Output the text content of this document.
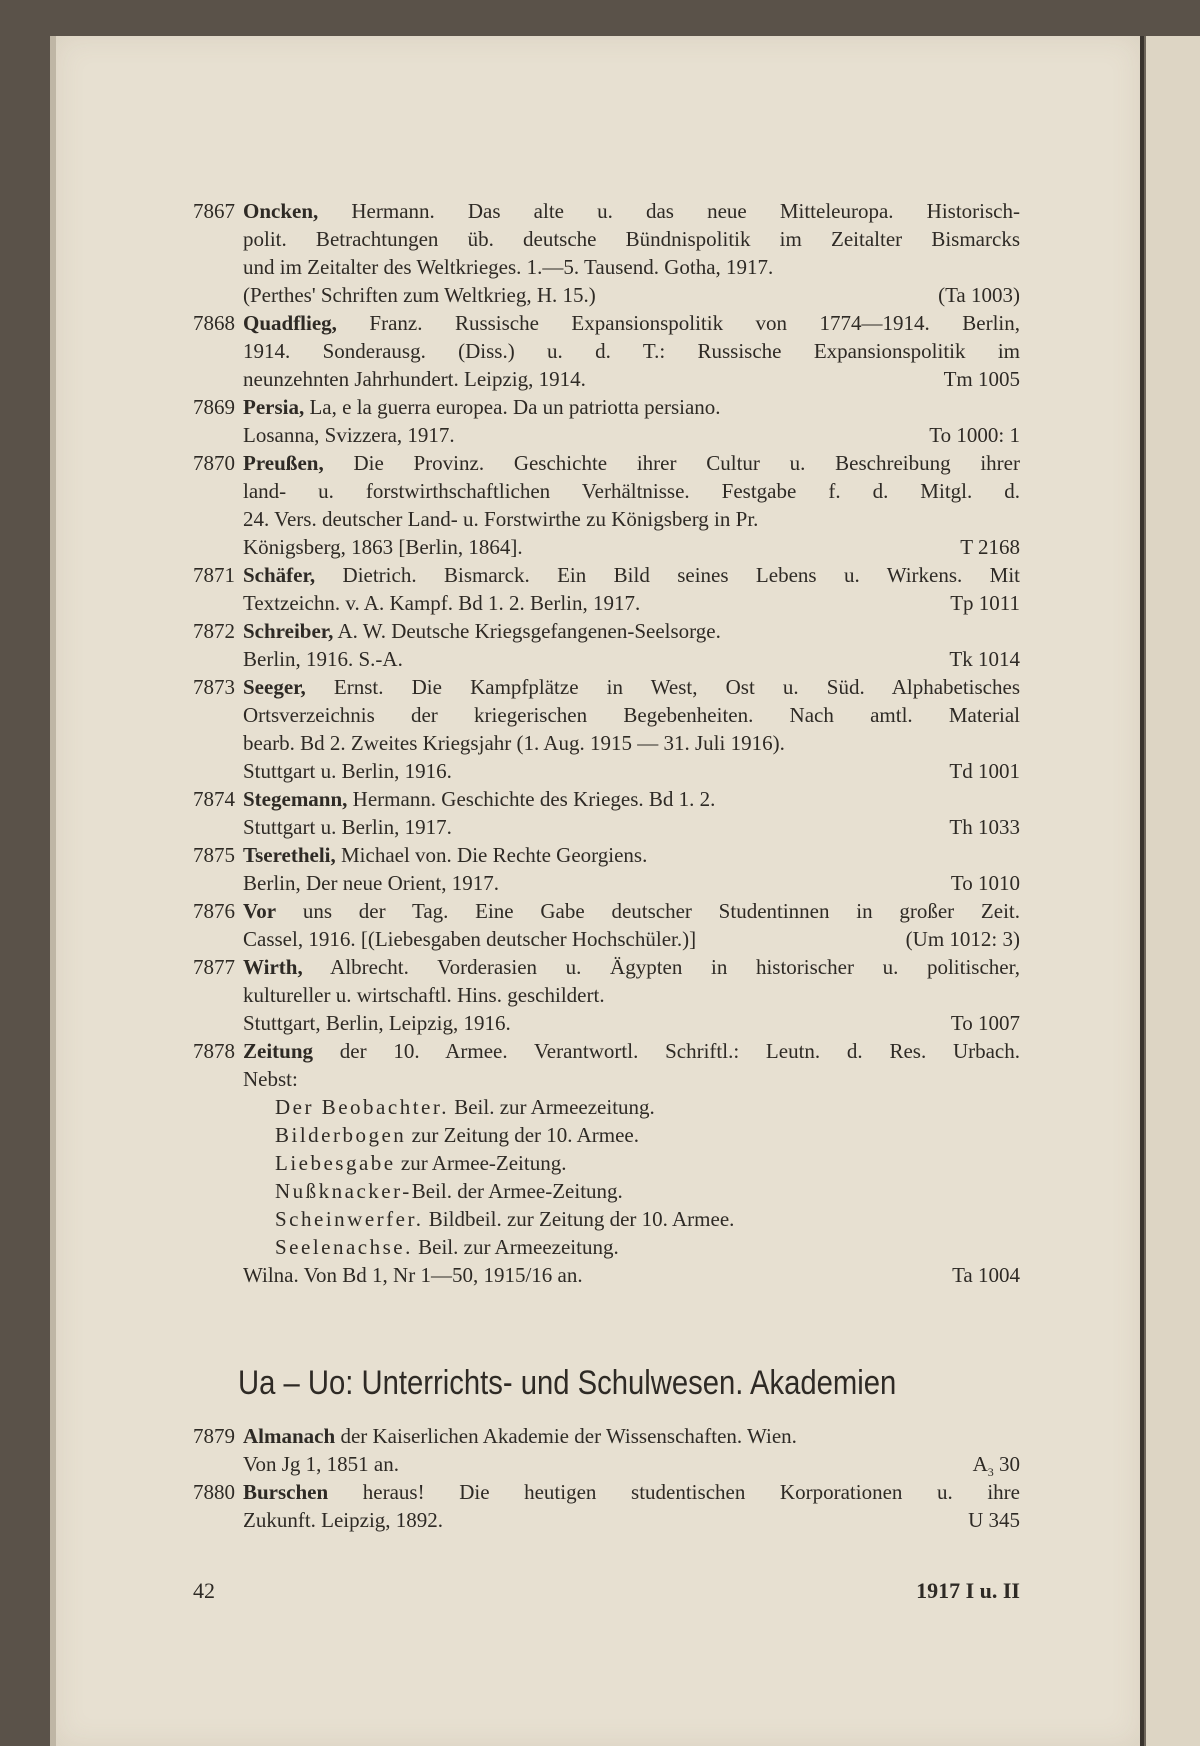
7867 Oncken, Hermann. Das alte u. das neue Mitteleuropa. Historisch-
polit. Betrachtungen üb. deutsche Bündnispolitik im Zeitalter Bismarcks
und im Zeitalter des Weltkrieges. 1.—5. Tausend. Gotha, 1917.
(Perthes' Schriften zum Weltkrieg, H. 15.)	(Ta 1003)
7868 Quadflieg, Franz. Russische Expansionspolitik von 1774—1914. Berlin,
1914. Sonderausg. (Diss.) u. d. T.: Russische Expansionspolitik im
neunzehnten Jahrhundert. Leipzig, 1914.	Tm 1005
7869 Persia, La, e la guerra europea. Da un patriotta persiano.
Losanna, Svizzera, 1917.	To 1000: 1
7870 Preußen, Die Provinz. Geschichte ihrer Cultur u. Beschreibung ihrer
land- u. forstwirthschaftlichen Verhältnisse. Festgabe f. d. Mitgl. d.
24. Vers. deutscher Land- u. Forstwirthe zu Königsberg in Pr.
Königsberg, 1863 [Berlin, 1864].	T 2168
7871 Schäfer, Dietrich. Bismarck. Ein Bild seines Lebens u. Wirkens. Mit
Textzeichn. v. A. Kampf. Bd 1. 2. Berlin, 1917.	Tp 1011
7872 Schreiber, A. W. Deutsche Kriegsgefangenen-Seelsorge.
Berlin, 1916. S.-A.	Tk 1014
7873 Seeger, Ernst. Die Kampfplätze in West, Ost u. Süd. Alphabetisches
Ortsverzeichnis der kriegerischen Begebenheiten. Nach amtl. Material
bearb. Bd 2. Zweites Kriegsjahr (1. Aug. 1915 — 31. Juli 1916).
Stuttgart u. Berlin, 1916.	Td 1001
7874 Stegemann, Hermann. Geschichte des Krieges. Bd 1. 2.
Stuttgart u. Berlin, 1917.	Th 1033
7875 Tseretheli, Michael von. Die Rechte Georgiens.
Berlin, Der neue Orient, 1917.	To 1010
7876 Vor uns der Tag. Eine Gabe deutscher Studentinnen in großer Zeit.
Cassel, 1916. [(Liebesgaben deutscher Hochschüler.)]	(Um 1012: 3)
7877 Wirth, Albrecht. Vorderasien u. Ägypten in historischer u. politischer,
kultureller u. wirtschaftl. Hins. geschildert.
Stuttgart, Berlin, Leipzig, 1916.	To 1007
7878 Zeitung der 10. Armee. Verantwortl. Schriftl.: Leutn. d. Res. Urbach.
Nebst:
Der Beobachter. Beil. zur Armeezeitung.
Bilderbogen zur Zeitung der 10. Armee.
Liebesgabe zur Armee-Zeitung.
Nußknacker-Beil. der Armee-Zeitung.
Scheinwerfer. Bildbeil. zur Zeitung der 10. Armee.
Seelenachse. Beil. zur Armeezeitung.
Wilna. Von Bd 1, Nr 1—50, 1915/16 an.	Ta 1004
Ua – Uo: Unterrichts- und Schulwesen. Akademien
7879 Almanach der Kaiserlichen Akademie der Wissenschaften. Wien.
Von Jg 1, 1851 an.	$A_3$ 30
7880 Burschen heraus! Die heutigen studentischen Korporationen u. ihre
Zukunft. Leipzig, 1892.	U 345
42	1917 I u. II
